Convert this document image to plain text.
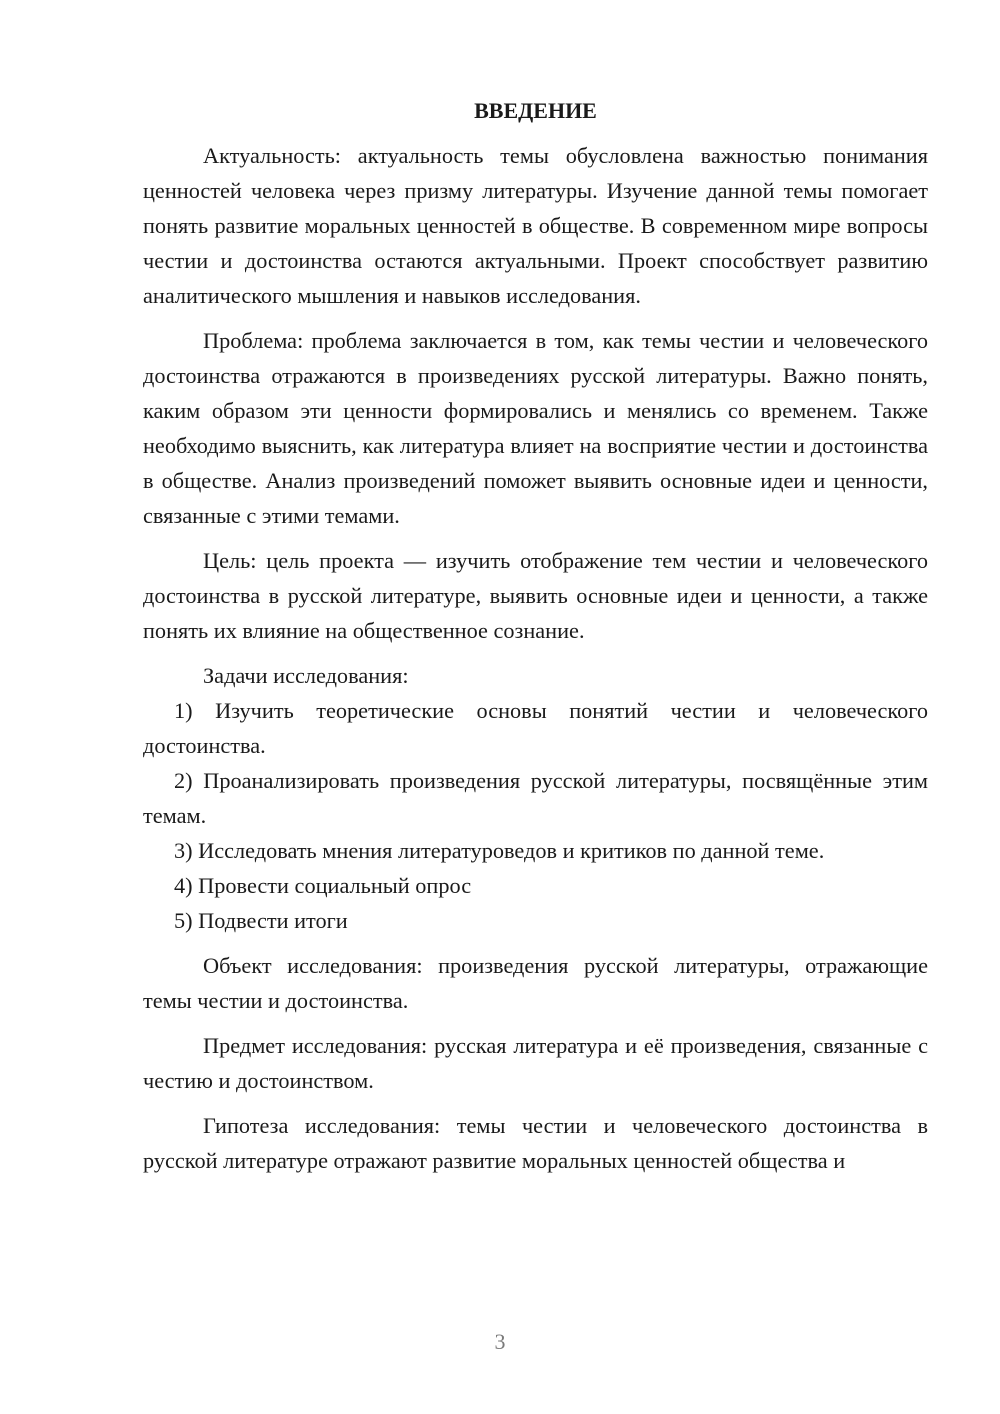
ВВЕДЕНИЕ

Актуальность: актуальность темы обусловлена важностью понимания ценностей человека через призму литературы. Изучение данной темы помогает понять развитие моральных ценностей в обществе. В современном мире вопросы честии и достоинства остаются актуальными. Проект способствует развитию аналитического мышления и навыков исследования.

Проблема: проблема заключается в том, как темы честии и человеческого достоинства отражаются в произведениях русской литературы. Важно понять, каким образом эти ценности формировались и менялись со временем. Также необходимо выяснить, как литература влияет на восприятие честии и достоинства в обществе. Анализ произведений поможет выявить основные идеи и ценности, связанные с этими темами.

Цель: цель проекта — изучить отображение тем честии и человеческого достоинства в русской литературе, выявить основные идеи и ценности, а также понять их влияние на общественное сознание.

Задачи исследования:

1) Изучить теоретические основы понятий честии и человеческого достоинства.

2) Проанализировать произведения русской литературы, посвящённые этим темам.

3) Исследовать мнения литературоведов и критиков по данной теме.

4) Провести социальный опрос

5) Подвести итоги

Объект исследования: произведения русской литературы, отражающие темы честии и достоинства.

Предмет исследования: русская литература и её произведения, связанные с честию и достоинством.

Гипотеза исследования: темы честии и человеческого достоинства в русской литературе отражают развитие моральных ценностей общества и

3
